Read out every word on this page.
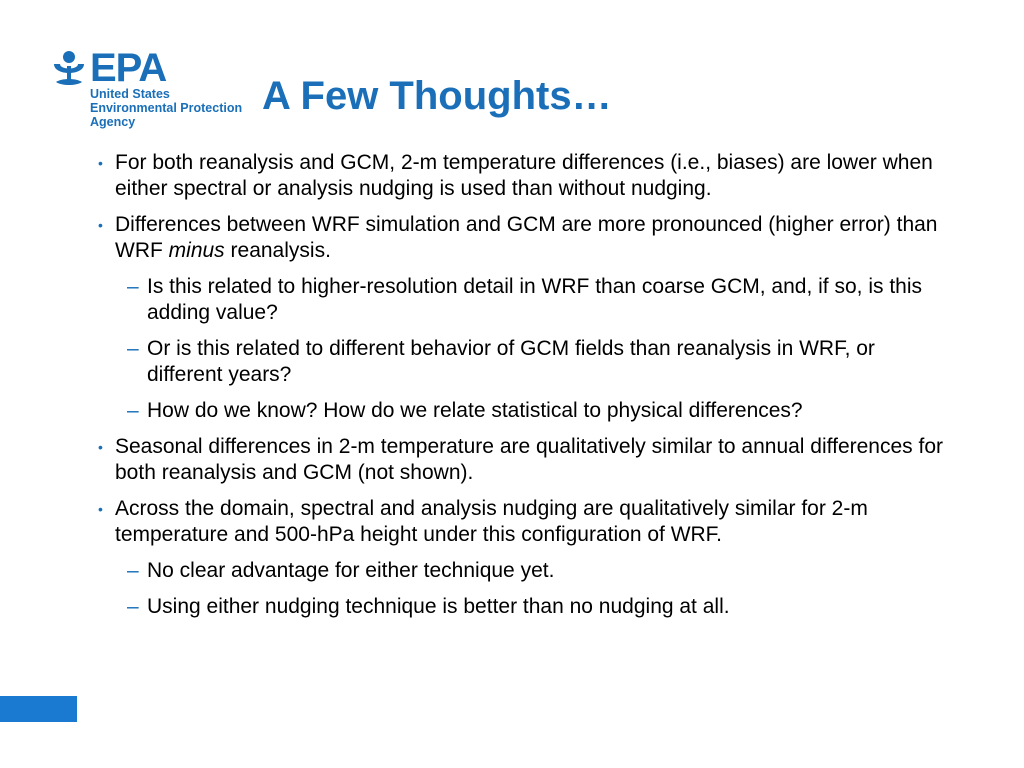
EPA
United States
Environmental Protection
Agency
A Few Thoughts…
• For both reanalysis and GCM, 2-m temperature differences (i.e., biases) are lower when either spectral or analysis nudging is used than without nudging.
• Differences between WRF simulation and GCM are more pronounced (higher error) than WRF minus reanalysis.
– Is this related to higher-resolution detail in WRF than coarse GCM, and, if so, is this adding value?
– Or is this related to different behavior of GCM fields than reanalysis in WRF, or different years?
– How do we know? How do we relate statistical to physical differences?
• Seasonal differences in 2-m temperature are qualitatively similar to annual differences for both reanalysis and GCM (not shown).
• Across the domain, spectral and analysis nudging are qualitatively similar for 2-m temperature and 500-hPa height under this configuration of WRF.
– No clear advantage for either technique yet.
– Using either nudging technique is better than no nudging at all.
